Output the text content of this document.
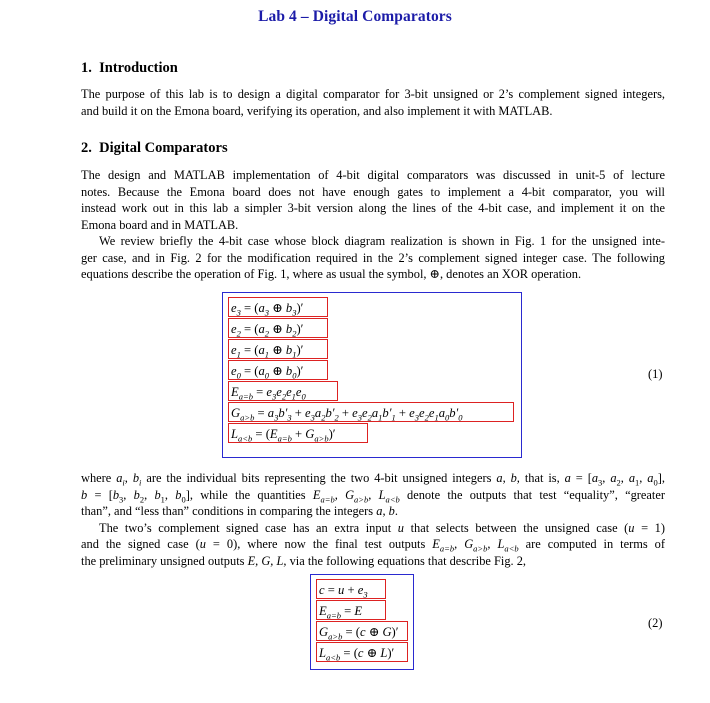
Lab 4 – Digital Comparators
1. Introduction
The purpose of this lab is to design a digital comparator for 3-bit unsigned or 2’s complement signed integers,
and build it on the Emona board, verifying its operation, and also implement it with MATLAB.
2. Digital Comparators
The design and MATLAB implementation of 4-bit digital comparators was discussed in unit-5 of lecture
notes. Because the Emona board does not have enough gates to implement a 4-bit comparator, you will
instead work out in this lab a simpler 3-bit version along the lines of the 4-bit case, and implement it on the
Emona board and in MATLAB.
We review briefly the 4-bit case whose block diagram realization is shown in Fig. 1 for the unsigned inte-
ger case, and in Fig. 2 for the modification required in the 2’s complement signed integer case. The following
equations describe the operation of Fig. 1, where as usual the symbol, ⊕, denotes an XOR operation.
$e_3 = (a_3$ ⊕ $b_3)'$
$e_2 = (a_2$ ⊕ $b_2)'$
$e_1 = (a_1$ ⊕ $b_1)'$
$e_0 = (a_0$ ⊕ $b_0)'$
$E_{a=b} = e_3e_2e_1e_0$
$G_{a>b} = a_3b'_3 + e_3a_2b'_2 + e_3e_2a_1b'_1 + e_3e_2e_1a_0b'_0$
$L_{a<b} = (E_{a=b} + G_{a>b})'$
(1)
where $a_i$, $b_i$ are the individual bits representing the two 4-bit unsigned integers a, b, that is, $a = [a_3$, $a_2$, $a_1$, $a_0$],
$b = [b_3$, $b_2$, $b_1$, $b_0$], while the quantities $E_{a=b}$, $G_{a>b}$, $L_{a<b}$ denote the outputs that test “equality”, “greater
than”, and “less than” conditions in comparing the integers a, b.
The two’s complement signed case has an extra input u that selects between the unsigned case (u = 1)
and the signed case (u = 0), where now the final test outputs $E_{a=b}$, $G_{a>b}$, $L_{a<b}$ are computed in terms of
the preliminary unsigned outputs E, G, L, via the following equations that describe Fig. 2,
$c = u + e_3$
$E_{a=b} = E$
$G_{a>b} = (c$ ⊕ G)′
$L_{a<b} = (c$ ⊕ L)′
(2)
